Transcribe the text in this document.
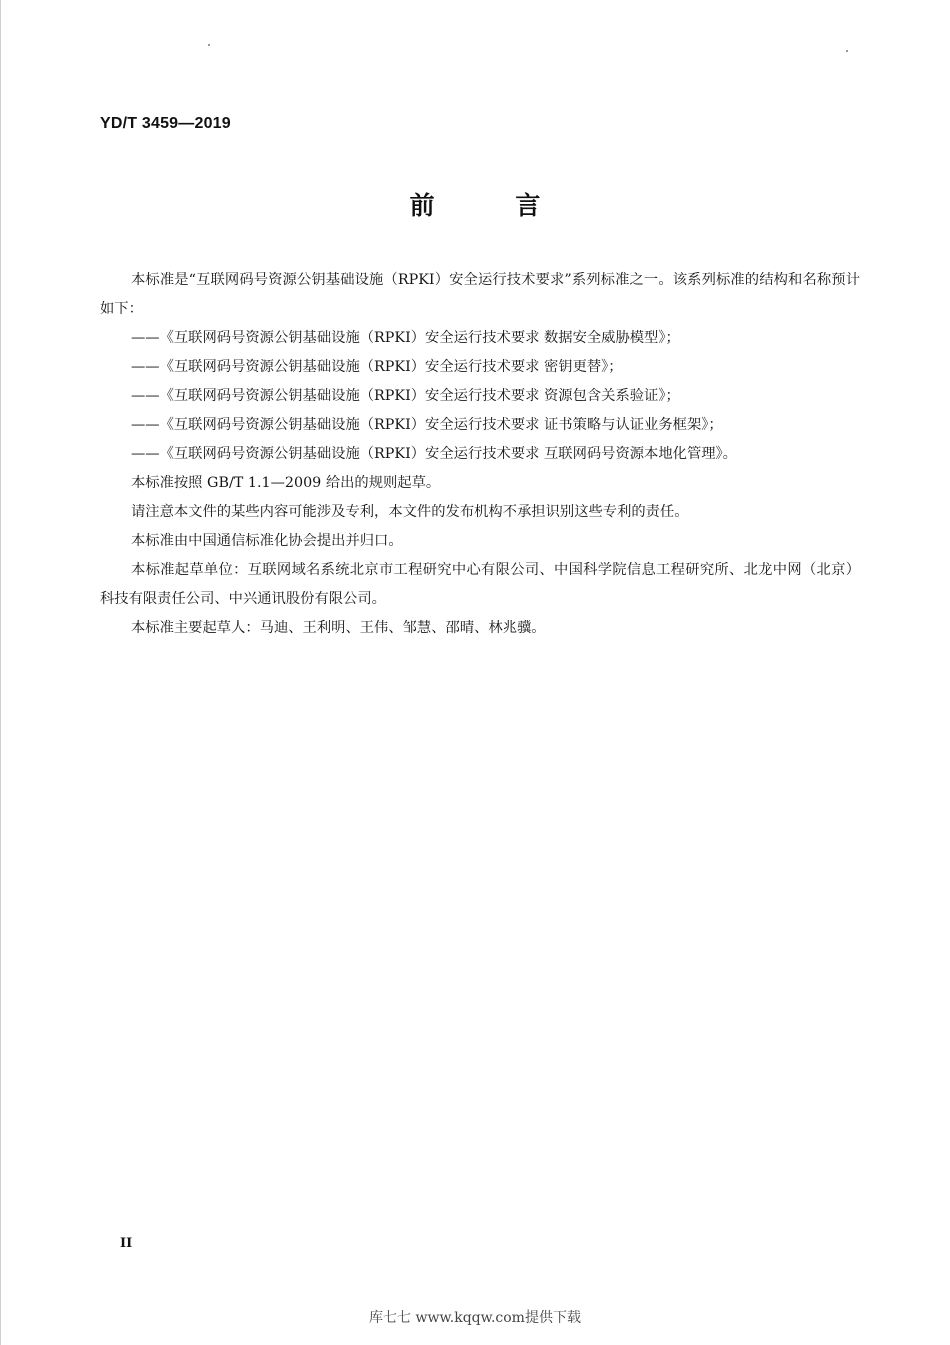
YD/T 3459—2019
前 言

本标准是“互联网码号资源公钥基础设施（RPKI）安全运行技术要求”系列标准之一。该系列标准的结构和名称预计如下：

——《互联网码号资源公钥基础设施（RPKI）安全运行技术要求 数据安全威胁模型》；

——《互联网码号资源公钥基础设施（RPKI）安全运行技术要求 密钥更替》；

——《互联网码号资源公钥基础设施（RPKI）安全运行技术要求 资源包含关系验证》；

——《互联网码号资源公钥基础设施（RPKI）安全运行技术要求 证书策略与认证业务框架》；

——《互联网码号资源公钥基础设施（RPKI）安全运行技术要求 互联网码号资源本地化管理》。

本标准按照 GB/T 1.1—2009 给出的规则起草。

请注意本文件的某些内容可能涉及专利，本文件的发布机构不承担识别这些专利的责任。

本标准由中国通信标准化协会提出并归口。

本标准起草单位：互联网域名系统北京市工程研究中心有限公司、中国科学院信息工程研究所、北龙中网（北京）科技有限责任公司、中兴通讯股份有限公司。

本标准主要起草人：马迪、王利明、王伟、邹慧、邵晴、林兆骥。

II
库七七 www.kqqw.com提供下载
